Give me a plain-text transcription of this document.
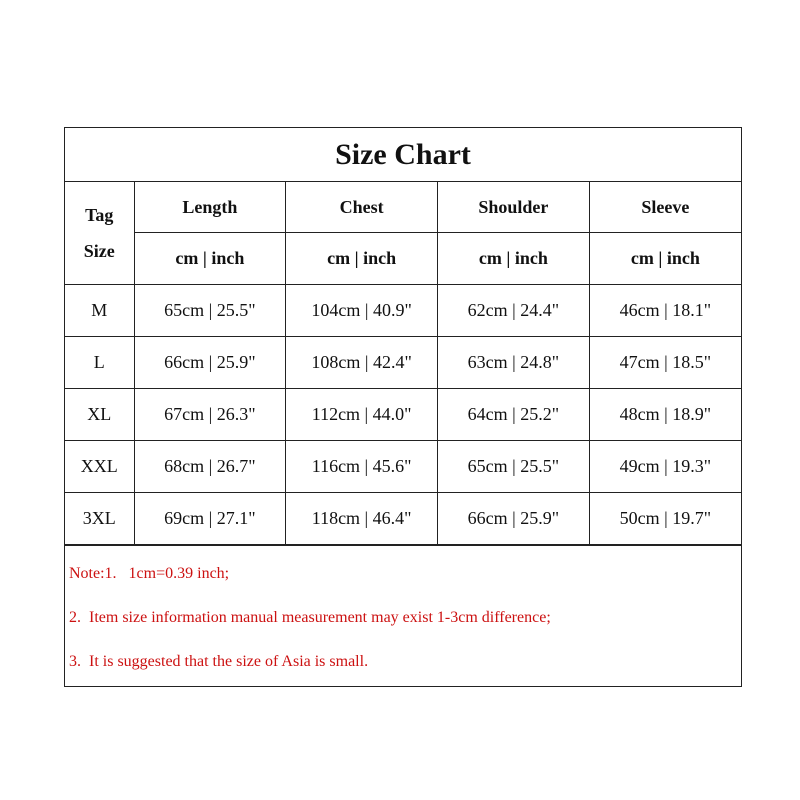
Size Chart
Tag
Size	Length	Chest	Shoulder	Sleeve
	cm | inch	cm | inch	cm | inch	cm | inch
M	65cm | 25.5"	104cm | 40.9"	62cm | 24.4"	46cm | 18.1"
L	66cm | 25.9"	108cm | 42.4"	63cm | 24.8"	47cm | 18.5"
XL	67cm | 26.3"	112cm | 44.0"	64cm | 25.2"	48cm | 18.9"
XXL	68cm | 26.7"	116cm | 45.6"	65cm | 25.5"	49cm | 19.3"
3XL	69cm | 27.1"	118cm | 46.4"	66cm | 25.9"	50cm | 19.7"
Note:1.   1cm=0.39 inch;
2.  Item size information manual measurement may exist 1-3cm difference;
3.  It is suggested that the size of Asia is small.
